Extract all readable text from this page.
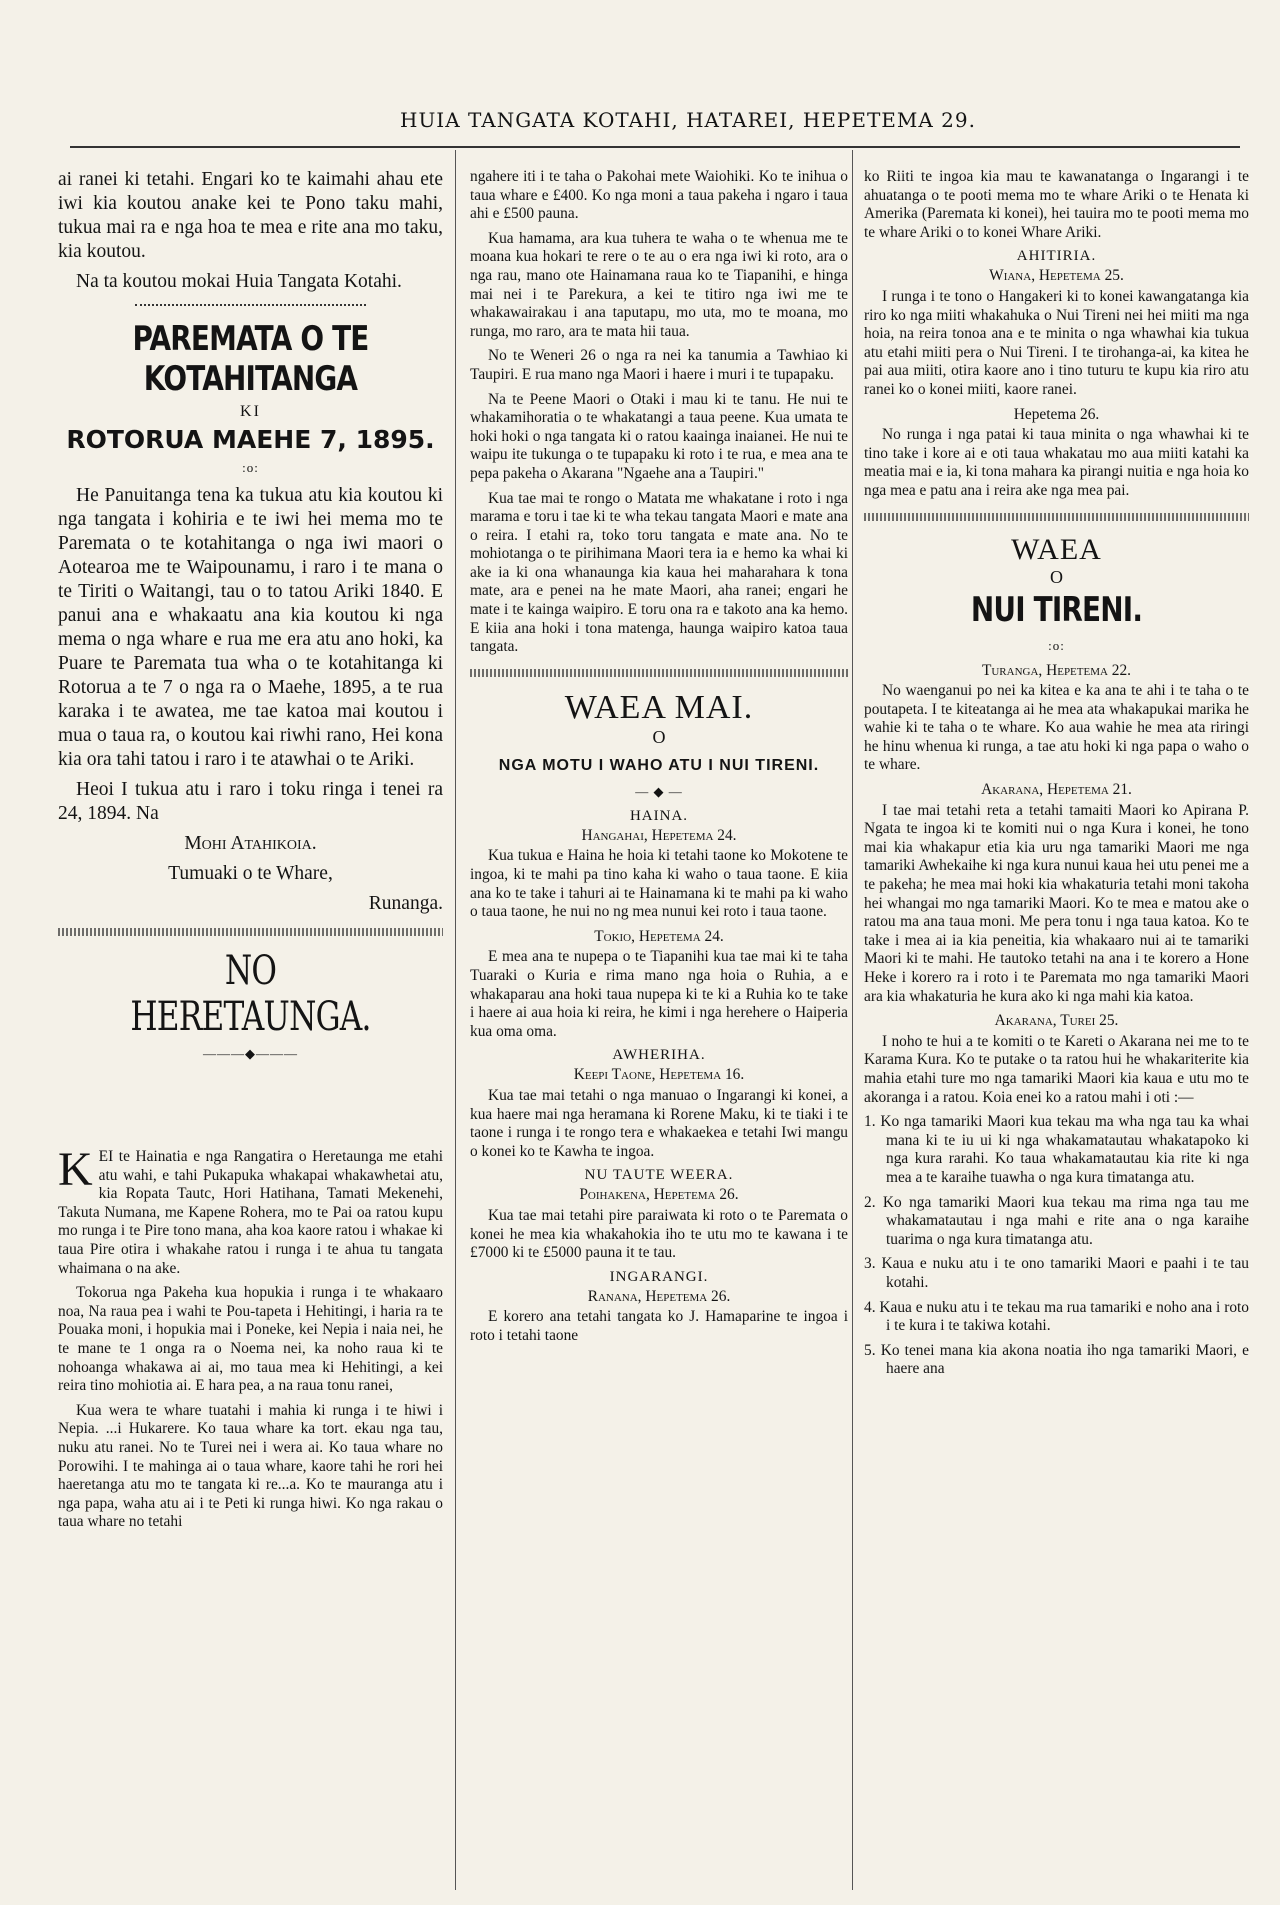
HUIA TANGATA KOTAHI, HATAREI, HEPETEMA 29.

ai ranei ki tetahi. Engari ko te kaimahi ahau ete iwi kia koutou anake kei te Pono taku mahi, tukua mai ra e nga hoa te mea e rite ana mo taku, kia koutou.

Na ta koutou mokai Huia Tangata Kotahi.

PAREMATA O TE KOTAHITANGA
KI
ROTORUA MAEHE 7, 1895.
:o:

He Panuitanga tena ka tukua atu kia koutou ki nga tangata i kohiria e te iwi hei mema mo te Paremata o te kotahitanga o nga iwi maori o Aotearoa me te Waipounamu, i raro i te mana o te Tiriti o Waitangi, tau o to tatou Ariki 1840. E panui ana e whakaatu ana kia koutou ki nga mema o nga whare e rua me era atu ano hoki, ka Puare te Paremata tua wha o te kotahitanga ki Rotorua a te 7 o nga ra o Maehe, 1895, a te rua karaka i te awatea, me tae katoa mai koutou i mua o taua ra, o koutou kai riwhi rano, Hei kona kia ora tahi tatou i raro i te atawhai o te Ariki.

Heoi I tukua atu i raro i toku ringa i tenei ra 24, 1894. Na

Mohi Atahikoia.

Tumuaki o te Whare,

Runanga.

NO HERETAUNGA.
———◆———

KEI te Hainatia e nga Rangatira o Heretaunga me etahi atu wahi, e tahi Pukapuka whakapai whakawhetai atu, kia Ropata Tautc, Hori Hatihana, Tamati Mekenehi, Takuta Numana, me Kapene Rohera, mo te Pai oa ratou kupu mo runga i te Pire tono mana, aha koa kaore ratou i whakae ki taua Pire otira i whakahe ratou i runga i te ahua tu tangata whaimana o na ake.

Tokorua nga Pakeha kua hopukia i runga i te whakaaro noa, Na raua pea i wahi te Pou-tapeta i Hehitingi, i haria ra te Pouaka moni, i hopukia mai i Poneke, kei Nepia i naia nei, he te mane te 1 onga ra o Noema nei, ka noho raua ki te nohoanga whakawa ai ai, mo taua mea ki Hehitingi, a kei reira tino mohiotia ai. E hara pea, a na raua tonu ranei,

Kua wera te whare tuatahi i mahia ki runga i te hiwi i Nepia. ...i Hukarere. Ko taua whare ka tort. ekau nga tau, nuku atu ranei. No te Turei nei i wera ai. Ko taua whare no Porowihi. I te mahinga ai o taua whare, kaore tahi he rori hei haeretanga atu mo te tangata ki re...a. Ko te mauranga atu i nga papa, waha atu ai i te Peti ki runga hiwi. Ko nga rakau o taua whare no tetahi

ngahere iti i te taha o Pakohai mete Waiohiki. Ko te inihua o taua whare e £400. Ko nga moni a taua pakeha i ngaro i taua ahi e £500 pauna.

Kua hamama, ara kua tuhera te waha o te whenua me te moana kua hokari te rere o te au o era nga iwi ki roto, ara o nga rau, mano ote Hainamana raua ko te Tiapanihi, e hinga mai nei i te Parekura, a kei te titiro nga iwi me te whakawairakau i ana taputapu, mo uta, mo te moana, mo runga, mo raro, ara te mata hii taua.

No te Weneri 26 o nga ra nei ka tanumia a Tawhiao ki Taupiri. E rua mano nga Maori i haere i muri i te tupapaku.

Na te Peene Maori o Otaki i mau ki te tanu. He nui te whakamihoratia o te whakatangi a taua peene. Kua umata te hoki hoki o nga tangata ki o ratou kaainga inaianei. He nui te waipu ite tukunga o te tupapaku ki roto i te rua, e mea ana te pepa pakeha o Akarana "Ngaehe ana a Taupiri."

Kua tae mai te rongo o Matata me whakatane i roto i nga marama e toru i tae ki te wha tekau tangata Maori e mate ana o reira. I etahi ra, toko toru tangata e mate ana. No te mohiotanga o te pirihimana Maori tera ia e hemo ka whai ki ake ia ki ona whanaunga kia kaua hei maharahara k tona mate, ara e penei na he mate Maori, aha ranei; engari he mate i te kainga waipiro. E toru ona ra e takoto ana ka hemo. E kiia ana hoki i tona matenga, haunga waipiro katoa taua tangata.

WAEA MAI.
O
NGA MOTU I WAHO ATU I NUI TIRENI.
— ◆ —
HAINA.

Hangahai, Hepetema 24.

Kua tukua e Haina he hoia ki tetahi taone ko Mokotene te ingoa, ki te mahi pa tino kaha ki waho o taua taone. E kiia ana ko te take i tahuri ai te Hainamana ki te mahi pa ki waho o taua taone, he nui no ng mea nunui kei roto i taua taone.

Tokio, Hepetema 24.

E mea ana te nupepa o te Tiapanihi kua tae mai ki te taha Tuaraki o Kuria e rima mano nga hoia o Ruhia, a e whakaparau ana hoki taua nupepa ki te ki a Ruhia ko te take i haere ai aua hoia ki reira, he kimi i nga herehere o Haiperia kua oma oma.

AWHERIHA.

Keepi Taone, Hepetema 16.

Kua tae mai tetahi o nga manuao o Ingarangi ki konei, a kua haere mai nga heramana ki Rorene Maku, ki te tiaki i te taone i runga i te rongo tera e whakaekea e tetahi Iwi mangu o konei ko te Kawha te ingoa.

NU TAUTE WEERA.

Poihakena, Hepetema 26.

Kua tae mai tetahi pire paraiwata ki roto o te Paremata o konei he mea kia whakahokia iho te utu mo te kawana i te £7000 ki te £5000 pauna it te tau.

INGARANGI.

Ranana, Hepetema 26.

E korero ana tetahi tangata ko J. Hamaparine te ingoa i roto i tetahi taone

ko Riiti te ingoa kia mau te kawanatanga o Ingarangi i te ahuatanga o te pooti mema mo te whare Ariki o te Henata ki Amerika (Paremata ki konei), hei tauira mo te pooti mema mo te whare Ariki o to konei Whare Ariki.

AHITIRIA.

Wiana, Hepetema 25.

I runga i te tono o Hangakeri ki to konei kawangatanga kia riro ko nga miiti whakahuka o Nui Tireni nei hei miiti ma nga hoia, na reira tonoa ana e te minita o nga whawhai kia tukua atu etahi miiti pera o Nui Tireni. I te tirohanga-ai, ka kitea he pai aua miiti, otira kaore ano i tino tuturu te kupu kia riro atu ranei ko o konei miiti, kaore ranei.

Hepetema 26.

No runga i nga patai ki taua minita o nga whawhai ki te tino take i kore ai e oti taua whakatau mo aua miiti katahi ka meatia mai e ia, ki tona mahara ka pirangi nuitia e nga hoia ko nga mea e patu ana i reira ake nga mea pai.

WAEA
O
NUI TIRENI.
:o:

Turanga, Hepetema 22.

No waenganui po nei ka kitea e ka ana te ahi i te taha o te poutapeta. I te kiteatanga ai he mea ata whakapukai marika he wahie ki te taha o te whare. Ko aua wahie he mea ata riringi he hinu whenua ki runga, a tae atu hoki ki nga papa o waho o te whare.

Akarana, Hepetema 21.

I tae mai tetahi reta a tetahi tamaiti Maori ko Apirana P. Ngata te ingoa ki te komiti nui o nga Kura i konei, he tono mai kia whakapur etia kia uru nga tamariki Maori me nga tamariki Awhekaihe ki nga kura nunui kaua hei utu penei me a te pakeha; he mea mai hoki kia whakaturia tetahi moni takoha hei whangai mo nga tamariki Maori. Ko te mea e matou ake o ratou ma ana taua moni. Me pera tonu i nga taua katoa. Ko te take i mea ai ia kia peneitia, kia whakaaro nui ai te tamariki Maori ki te mahi. He tautoko tetahi na ana i te korero a Hone Heke i korero ra i roto i te Paremata mo nga tamariki Maori ara kia whakaturia he kura ako ki nga mahi kia katoa.

Akarana, Turei 25.

I noho te hui a te komiti o te Kareti o Akarana nei me to te Karama Kura. Ko te putake o ta ratou hui he whakariterite kia mahia etahi ture mo nga tamariki Maori kia kaua e utu mo te akoranga i a ratou. Koia enei ko a ratou mahi i oti :—

1. Ko nga tamariki Maori kua tekau ma wha nga tau ka whai mana ki te iu ui ki nga whakamatautau whakatapoko ki nga kura rarahi. Ko taua whakamatautau kia rite ki nga mea a te karaihe tuawha o nga kura timatanga atu.

2. Ko nga tamariki Maori kua tekau ma rima nga tau me whakamatautau i nga mahi e rite ana o nga karaihe tuarima o nga kura timatanga atu.

3. Kaua e nuku atu i te ono tamariki Maori e paahi i te tau kotahi.

4. Kaua e nuku atu i te tekau ma rua tamariki e noho ana i roto i te kura i te takiwa kotahi.

5. Ko tenei mana kia akona noatia iho nga tamariki Maori, e haere ana
